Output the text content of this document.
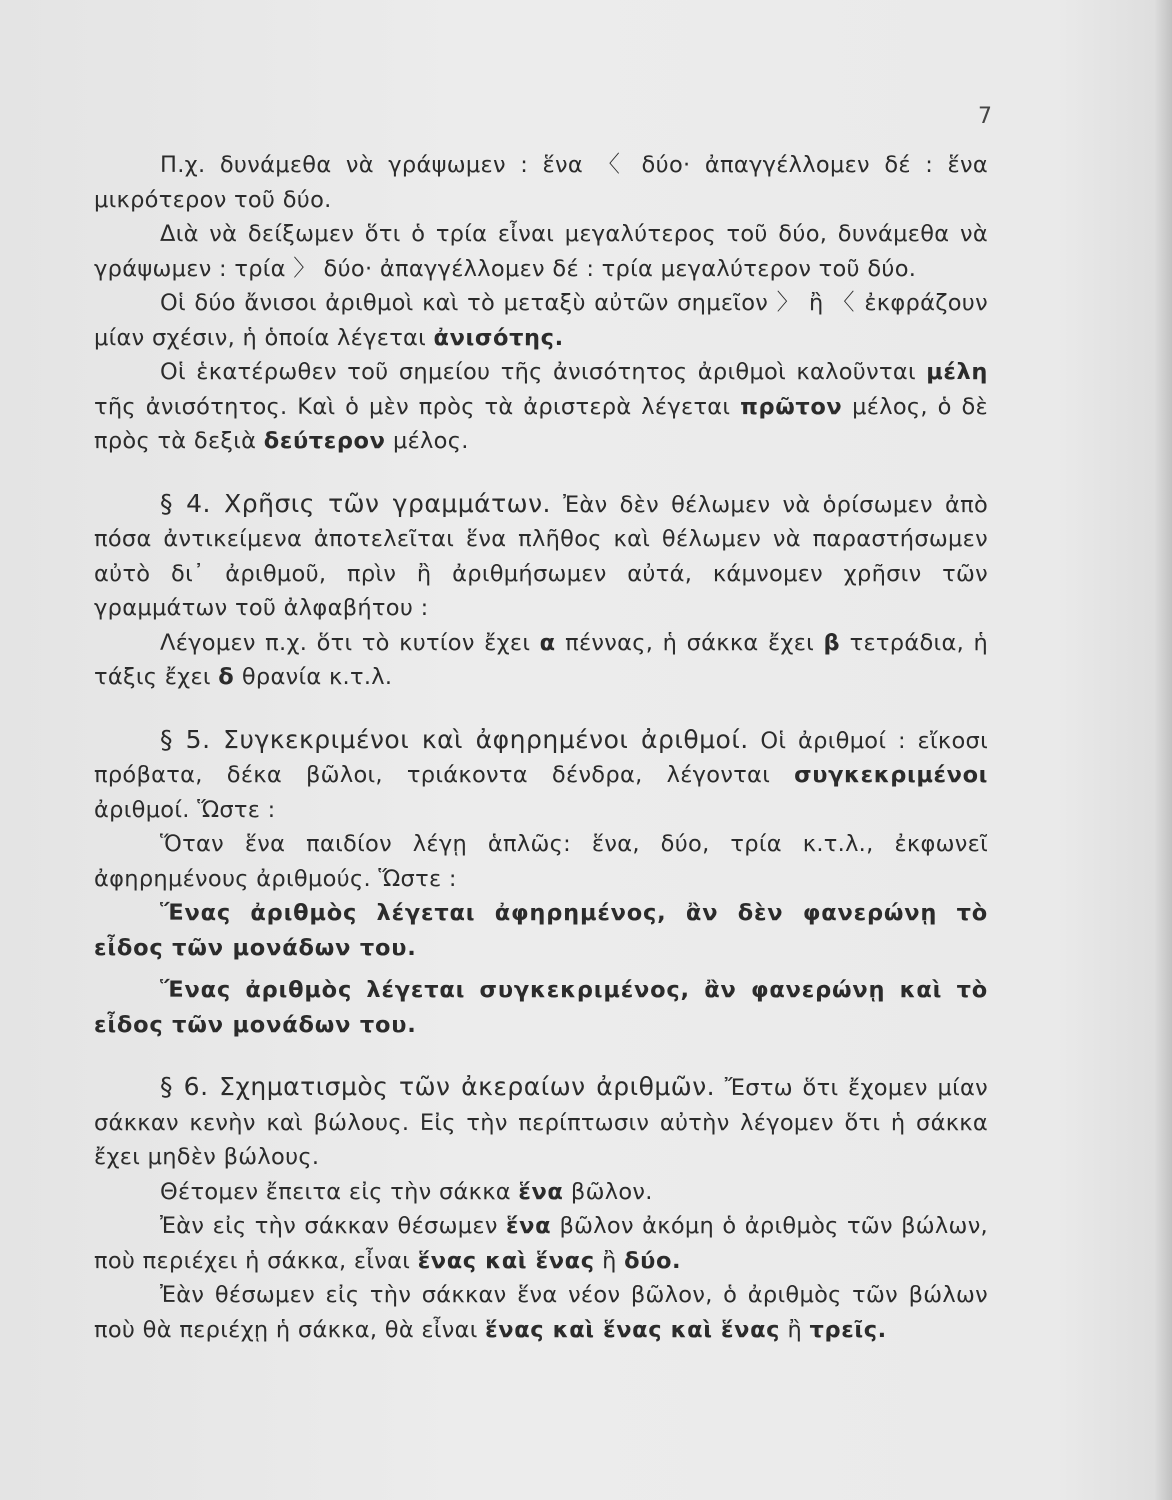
7

Π.χ. δυνάμεθα νὰ γράψωμεν : ἕνα 〈 δύο· ἀπαγγέλλομεν δέ : ἕνα μικρότερον τοῦ δύο.

Διὰ νὰ δείξωμεν ὅτι ὁ τρία εἶναι μεγαλύτερος τοῦ δύο, δυνάμεθα νὰ γράψωμεν : τρία 〉 δύο· ἀπαγγέλλομεν δέ : τρία μεγαλύτερον τοῦ δύο.

Οἱ δύο ἄνισοι ἀριθμοὶ καὶ τὸ μεταξὺ αὐτῶν σημεῖον 〉 ἢ 〈 ἐκφράζουν μίαν σχέσιν, ἡ ὁποία λέγεται ἀνισότης.

Οἱ ἑκατέρωθεν τοῦ σημείου τῆς ἀνισότητος ἀριθμοὶ καλοῦνται μέλη τῆς ἀνισότητος. Καὶ ὁ μὲν πρὸς τὰ ἀριστερὰ λέγεται πρῶτον μέλος, ὁ δὲ πρὸς τὰ δεξιὰ δεύτερον μέλος.

§ 4. Χρῆσις τῶν γραμμάτων. Ἐὰν δὲν θέλωμεν νὰ ὁρίσωμεν ἀπὸ πόσα ἀντικείμενα ἀποτελεῖται ἕνα πλῆθος καὶ θέλωμεν νὰ παραστήσωμεν αὐτὸ δι᾿ ἀριθμοῦ, πρὶν ἢ ἀριθμήσωμεν αὐτά, κάμνομεν χρῆσιν τῶν γραμμάτων τοῦ ἀλφαβήτου :

Λέγομεν π.χ. ὅτι τὸ κυτίον ἔχει α πέννας, ἡ σάκκα ἔχει β τετράδια, ἡ τάξις ἔχει δ θρανία κ.τ.λ.

§ 5. Συγκεκριμένοι καὶ ἀφηρημένοι ἀριθμοί. Οἱ ἀριθμοί : εἴκοσι πρόβατα, δέκα βῶλοι, τριάκοντα δένδρα, λέγονται συγκεκριμένοι ἀριθμοί. Ὥστε :

Ὅταν ἕνα παιδίον λέγῃ ἁπλῶς: ἕνα, δύο, τρία κ.τ.λ., ἐκφωνεῖ ἀφηρημένους ἀριθμούς. Ὥστε :

Ἕνας ἀριθμὸς λέγεται ἀφηρημένος, ἂν δὲν φανερώνῃ τὸ εἶδος τῶν μονάδων του.

Ἕνας ἀριθμὸς λέγεται συγκεκριμένος, ἂν φανερώνῃ καὶ τὸ εἶδος τῶν μονάδων του.

§ 6. Σχηματισμὸς τῶν ἀκεραίων ἀριθμῶν. Ἔστω ὅτι ἔχομεν μίαν σάκκαν κενὴν καὶ βώλους. Εἰς τὴν περίπτωσιν αὐτὴν λέγομεν ὅτι ἡ σάκκα ἔχει μηδὲν βώλους.

Θέτομεν ἔπειτα εἰς τὴν σάκκα ἕνα βῶλον.

Ἐὰν εἰς τὴν σάκκαν θέσωμεν ἕνα βῶλον ἀκόμη ὁ ἀριθμὸς τῶν βώλων, ποὺ περιέχει ἡ σάκκα, εἶναι ἕνας καὶ ἕνας ἢ δύο.

Ἐὰν θέσωμεν εἰς τὴν σάκκαν ἕνα νέον βῶλον, ὁ ἀριθμὸς τῶν βώλων ποὺ θὰ περιέχῃ ἡ σάκκα, θὰ εἶναι ἕνας καὶ ἕνας καὶ ἕνας ἢ τρεῖς.
